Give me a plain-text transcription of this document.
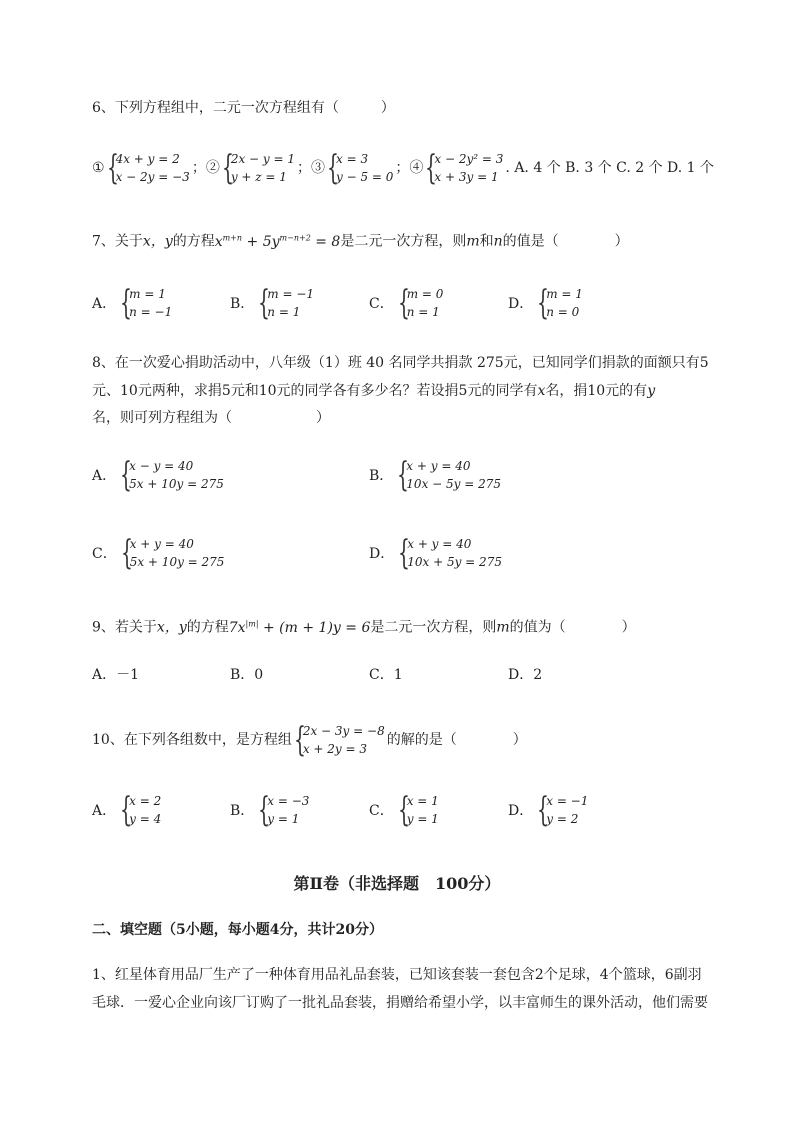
6、下列方程组中，二元一次方程组有（　　　）
① {
4x + y = 2
x − 2y = −3
；② {
2x − y = 1
y + z = 1
；③ {
x = 3
y − 5 = 0
；④ {
x − 2y² = 3
x + 3y = 1
. A. 4 个 B. 3 个 C. 2 个 D. 1 个
7、关于x，y的方程$x^{m+n} + 5y^{m-n+2} = 8$是二元一次方程，则m和n的值是（　　　　）
A． {
m = 1
n = −1	B． {
m = −1
n = 1	C． {
m = 0
n = 1	D． {
m = 1
n = 0
8、在一次爱心捐助活动中，八年级（1）班 40 名同学共捐款 275元，已知同学们捐款的面额只有5
元、10元两种，求捐5元和10元的同学各有多少名？若设捐5元的同学有x名，捐10元的有y
名，则可列方程组为（　　　　　　）
A． {
x − y = 40
5x + 10y = 275	B． {
x + y = 40
10x − 5y = 275
C． {
x + y = 40
5x + 10y = 275	D． {
x + y = 40
10x + 5y = 275
9、若关于x，y的方程$7x^{|m|} + (m + 1)y = 6$是二元一次方程，则m的值为（　　　　）
A．－1	B．0	C．1	D．2
10、在下列各组数中，是方程组 {
2x − 3y = −8
x + 2y = 3
的解的是（　　　　）
A． {
x = 2
y = 4	B． {
x = −3
y = 1	C． {
x = 1
y = 1	D． {
x = −1
y = 2
第Ⅱ卷（非选择题　100分）
二、填空题（5小题，每小题4分，共计20分）
1、红星体育用品厂生产了一种体育用品礼品套装，已知该套装一套包含2个足球，4个篮球，6副羽
毛球．一爱心企业向该厂订购了一批礼品套装，捐赠给希望小学，以丰富师生的课外活动，他们需要
